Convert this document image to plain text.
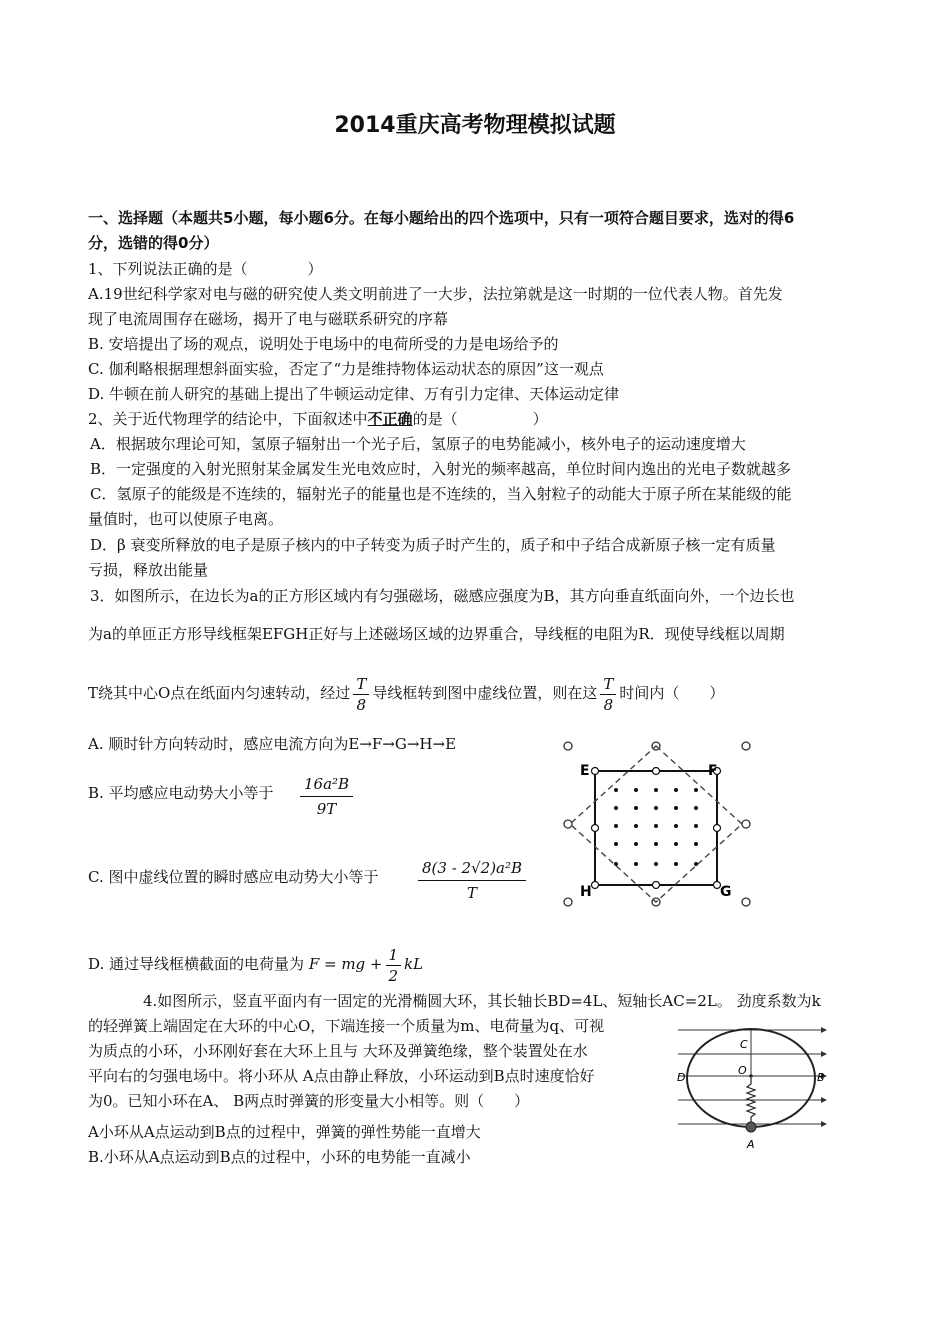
2014重庆高考物理模拟试题
一、选择题（本题共5小题，每小题6分。在每小题给出的四个选项中，只有一项符合题目要求，选对的得6
分，选错的得0分）
1、下列说法正确的是（　　　　）
A.19世纪科学家对电与磁的研究使人类文明前进了一大步，法拉第就是这一时期的一位代表人物。首先发
现了电流周围存在磁场，揭开了电与磁联系研究的序幕
B. 安培提出了场的观点，说明处于电场中的电荷所受的力是电场给予的
C. 伽利略根据理想斜面实验，否定了“力是维持物体运动状态的原因”这一观点
D. 牛顿在前人研究的基础上提出了牛顿运动定律、万有引力定律、天体运动定律
2、关于近代物理学的结论中，下面叙述中不正确的是（　　　　　）
A．根据玻尔理论可知，氢原子辐射出一个光子后，氢原子的电势能减小，核外电子的运动速度增大
B．一定强度的入射光照射某金属发生光电效应时，入射光的频率越高，单位时间内逸出的光电子数就越多
C．氢原子的能级是不连续的，辐射光子的能量也是不连续的，当入射粒子的动能大于原子所在某能级的能
量值时，也可以使原子电离。
D．β 衰变所释放的电子是原子核内的中子转变为质子时产生的，质子和中子结合成新原子核一定有质量
亏损，释放出能量
3．如图所示，在边长为a的正方形区域内有匀强磁场，磁感应强度为B，其方向垂直纸面向外，一个边长也
为a的单匝正方形导线框架EFGH正好与上述磁场区域的边界重合，导线框的电阻为R．现使导线框以周期
T绕其中心O点在纸面内匀速转动，经过 $\frac{T}{8}$ 导线框转到图中虚线位置，则在这 $\frac{T}{8}$ 时间内（　　）
A. 顺时针方向转动时，感应电流方向为E→F→G→H→E
B. 平均感应电动势大小等于 16a²B
9T
C. 图中虚线位置的瞬时感应电动势大小等于	8(3 - 2√2)a²B
T
D. 通过导线框横截面的电荷量为 F = mg + $\frac{1}{2}$ kL
E	F
G
H
4.如图所示，竖直平面内有一固定的光滑椭圆大环，其长轴长BD=4L、短轴长AC=2L。 劲度系数为k
的轻弹簧上端固定在大环的中心O，下端连接一个质量为m、电荷量为q、可视
为质点的小环，小环刚好套在大环上且与 大环及弹簧绝缘，整个装置处在水
平向右的匀强电场中。将小环从 A点由静止释放，小环运动到B点时速度恰好
为0。已知小环在A、 B两点时弹簧的形变量大小相等。则（　　）
A小环从A点运动到B点的过程中，弹簧的弹性势能一直增大
B.小环从A点运动到B点的过程中，小环的电势能一直减小
C
O
D	B
A
